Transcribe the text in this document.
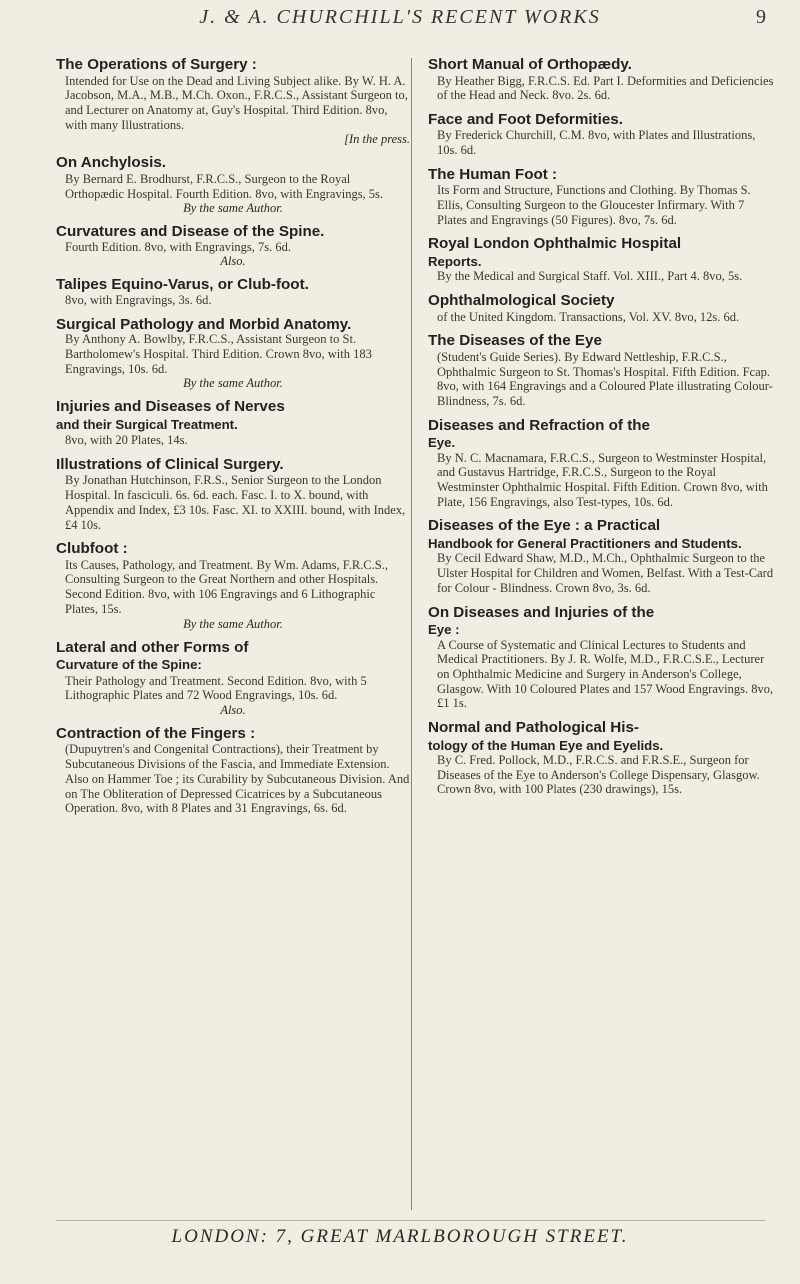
J. & A. CHURCHILL'S RECENT WORKS	9
The Operations of Surgery :
Intended for Use on the Dead and Living Subject alike. By W. H. A. Jacobson, M.A., M.B., M.Ch. Oxon., F.R.C.S., Assistant Surgeon to, and Lecturer on Anatomy at, Guy's Hospital. Third Edition. 8vo, with many Illustrations.
[In the press.
On Anchylosis.
By Bernard E. Brodhurst, F.R.C.S., Surgeon to the Royal Orthopædic Hospital. Fourth Edition. 8vo, with Engravings, 5s.
By the same Author.
Curvatures and Disease of the Spine.
Fourth Edition. 8vo, with Engravings, 7s. 6d.
Also.
Talipes Equino-Varus, or Club-foot.
8vo, with Engravings, 3s. 6d.
Surgical Pathology and Morbid Anatomy.
By Anthony A. Bowlby, F.R.C.S., Assistant Surgeon to St. Bartholomew's Hospital. Third Edition. Crown 8vo, with 183 Engravings, 10s. 6d.
By the same Author.
Injuries and Diseases of Nerves
and their Surgical Treatment.
8vo, with 20 Plates, 14s.
Illustrations of Clinical Surgery.
By Jonathan Hutchinson, F.R.S., Senior Surgeon to the London Hospital. In fasciculi. 6s. 6d. each. Fasc. I. to X. bound, with Appendix and Index, £3 10s. Fasc. XI. to XXIII. bound, with Index, £4 10s.
Clubfoot :
Its Causes, Pathology, and Treatment. By Wm. Adams, F.R.C.S., Consulting Surgeon to the Great Northern and other Hospitals. Second Edition. 8vo, with 106 Engravings and 6 Lithographic Plates, 15s.
By the same Author.
Lateral and other Forms of
Curvature of the Spine:
Their Pathology and Treatment. Second Edition. 8vo, with 5 Lithographic Plates and 72 Wood Engravings, 10s. 6d.
Also.
Contraction of the Fingers :
(Dupuytren's and Congenital Contractions), their Treatment by Subcutaneous Divisions of the Fascia, and Immediate Extension. Also on Hammer Toe ; its Curability by Subcutaneous Division. And on The Obliteration of Depressed Cicatrices by a Subcutaneous Operation. 8vo, with 8 Plates and 31 Engravings, 6s. 6d.
Short Manual of Orthopædy.
By Heather Bigg, F.R.C.S. Ed. Part I. Deformities and Deficiencies of the Head and Neck. 8vo. 2s. 6d.
Face and Foot Deformities.
By Frederick Churchill, C.M. 8vo, with Plates and Illustrations, 10s. 6d.
The Human Foot :
Its Form and Structure, Functions and Clothing. By Thomas S. Ellis, Consulting Surgeon to the Gloucester Infirmary. With 7 Plates and Engravings (50 Figures). 8vo, 7s. 6d.
Royal London Ophthalmic Hospital
Reports.
By the Medical and Surgical Staff. Vol. XIII., Part 4. 8vo, 5s.
Ophthalmological Society
of the United Kingdom. Transactions, Vol. XV. 8vo, 12s. 6d.
The Diseases of the Eye
(Student's Guide Series). By Edward Nettleship, F.R.C.S., Ophthalmic Surgeon to St. Thomas's Hospital. Fifth Edition. Fcap. 8vo, with 164 Engravings and a Coloured Plate illustrating Colour-Blindness, 7s. 6d.
Diseases and Refraction of the
Eye.
By N. C. Macnamara, F.R.C.S., Surgeon to Westminster Hospital, and Gustavus Hartridge, F.R.C.S., Surgeon to the Royal Westminster Ophthalmic Hospital. Fifth Edition. Crown 8vo, with Plate, 156 Engravings, also Test-types, 10s. 6d.
Diseases of the Eye : a Practical
Handbook for General Practitioners and Students.
By Cecil Edward Shaw, M.D., M.Ch., Ophthalmic Surgeon to the Ulster Hospital for Children and Women, Belfast. With a Test-Card for Colour - Blindness. Crown 8vo, 3s. 6d.
On Diseases and Injuries of the
Eye :
A Course of Systematic and Clinical Lectures to Students and Medical Practitioners. By J. R. Wolfe, M.D., F.R.C.S.E., Lecturer on Ophthalmic Medicine and Surgery in Anderson's College, Glasgow. With 10 Coloured Plates and 157 Wood Engravings. 8vo, £1 1s.
Normal and Pathological His-
tology of the Human Eye and Eyelids.
By C. Fred. Pollock, M.D., F.R.C.S. and F.R.S.E., Surgeon for Diseases of the Eye to Anderson's College Dispensary, Glasgow. Crown 8vo, with 100 Plates (230 drawings), 15s.
LONDON: 7, GREAT MARLBOROUGH STREET.
